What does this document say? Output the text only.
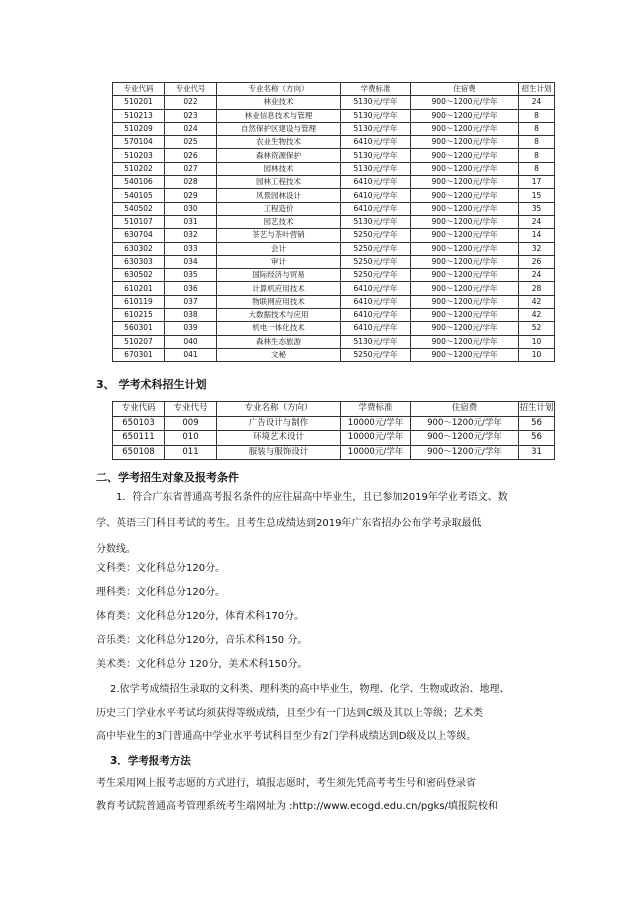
专业代码	专业代号	专业名称（方向）	学费标准	住宿费	招生计划
510201	022	林业技术	5130元/学年	900～1200元/学年	24
510213	023	林业信息技术与管理	5130元/学年	900～1200元/学年	8
510209	024	自然保护区建设与管理	5130元/学年	900～1200元/学年	8
570104	025	农业生物技术	6410元/学年	900～1200元/学年	8
510203	026	森林资源保护	5130元/学年	900～1200元/学年	8
510202	027	园林技术	5130元/学年	900～1200元/学年	8
540106	028	园林工程技术	6410元/学年	900～1200元/学年	17
540105	029	风景园林设计	6410元/学年	900～1200元/学年	15
540502	030	工程造价	6410元/学年	900～1200元/学年	35
510107	031	园艺技术	5130元/学年	900～1200元/学年	24
630704	032	茶艺与茶叶营销	5250元/学年	900～1200元/学年	14
630302	033	会计	5250元/学年	900～1200元/学年	32
630303	034	审计	5250元/学年	900～1200元/学年	26
630502	035	国际经济与贸易	5250元/学年	900～1200元/学年	24
610201	036	计算机应用技术	6410元/学年	900～1200元/学年	28
610119	037	物联网应用技术	6410元/学年	900～1200元/学年	42
610215	038	大数据技术与应用	6410元/学年	900～1200元/学年	42
560301	039	机电一体化技术	6410元/学年	900～1200元/学年	52
510207	040	森林生态旅游	5130元/学年	900～1200元/学年	10
670301	041	文秘	5250元/学年	900～1200元/学年	10
3、 学考术科招生计划
专业代码	专业代号	专业名称（方向）	学费标准	住宿费	招生计划
650103	009	广告设计与制作	10000元/学年	900～1200元/学年	56
650111	010	环境艺术设计	10000元/学年	900～1200元/学年	56
650108	011	服装与服饰设计	10000元/学年	900～1200元/学年	31
二、学考招生对象及报考条件
1．符合广东省普通高考报名条件的应往届高中毕业生，且已参加2019年学业考语文、数
学、英语三门科目考试的考生。且考生总成绩达到2019年广东省招办公布学考录取最低
分数线。
文科类：文化科总分120分。
理科类：文化科总分120分。
体育类：文化科总分120分，体育术科170分。
音乐类：文化科总分120分，音乐术科150 分。
美术类：文化科总分 120分，美术术科150分。
2.依学考成绩招生录取的文科类、理科类的高中毕业生，物理、化学、生物或政治、地理、
历史三门学业水平考试均须获得等级成绩，且至少有一门达到C级及其以上等级；艺术类
高中毕业生的3门普通高中学业水平考试科目至少有2门学科成绩达到D级及以上等级。
3．学考报考方法
考生采用网上报考志愿的方式进行，填报志愿时，考生须先凭高考考生号和密码登录省
教育考试院普通高考管理系统考生端网址为 :http://www.ecogd.edu.cn/pgks/填报院校和
